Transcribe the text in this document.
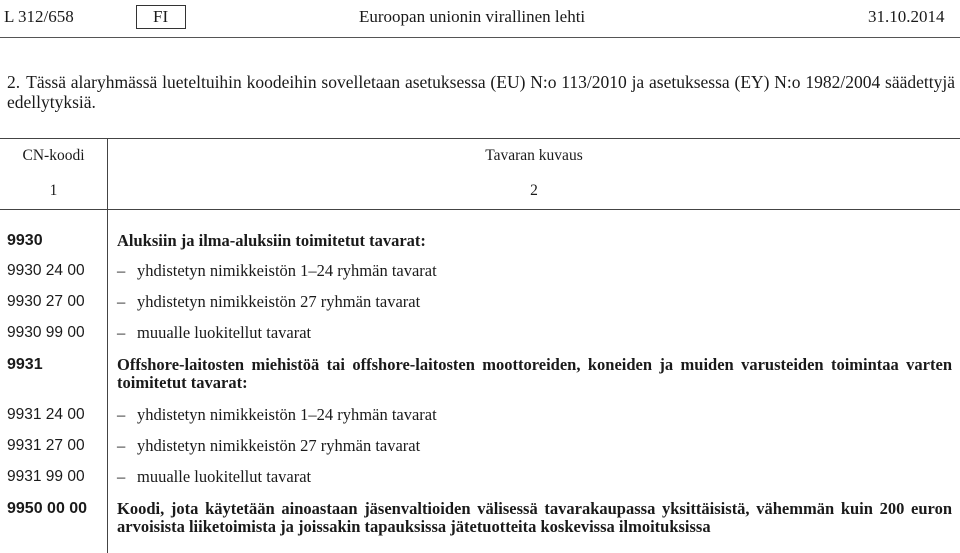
L 312/658	FI	Euroopan unionin virallinen lehti	31.10.2014
2. Tässä alaryhmässä lueteltuihin koodeihin sovelletaan asetuksessa (EU) N:o 113/2010 ja asetuksessa (EY) N:o 1982/2004 säädettyjä edellytyksiä.
CN-koodi	Tavaran kuvaus
1	2
9930	Aluksiin ja ilma-aluksiin toimitetut tavarat:
9930 24 00 – yhdistetyn nimikkeistön 1–24 ryhmän tavarat
9930 27 00 – yhdistetyn nimikkeistön 27 ryhmän tavarat
9930 99 00 – muualle luokitellut tavarat
9931	Offshore-laitosten miehistöä tai offshore-laitosten moottoreiden, koneiden ja muiden varusteiden toimintaa varten toimitetut tavarat:
9931 24 00 – yhdistetyn nimikkeistön 1–24 ryhmän tavarat
9931 27 00 – yhdistetyn nimikkeistön 27 ryhmän tavarat
9931 99 00 – muualle luokitellut tavarat
9950 00 00 Koodi, jota käytetään ainoastaan jäsenvaltioiden välisessä tavarakaupassa yksittäisistä, vähemmän kuin 200 euron arvoisista liiketoimista ja joissakin tapauksissa jätetuotteita koskevissa ilmoituksissa
